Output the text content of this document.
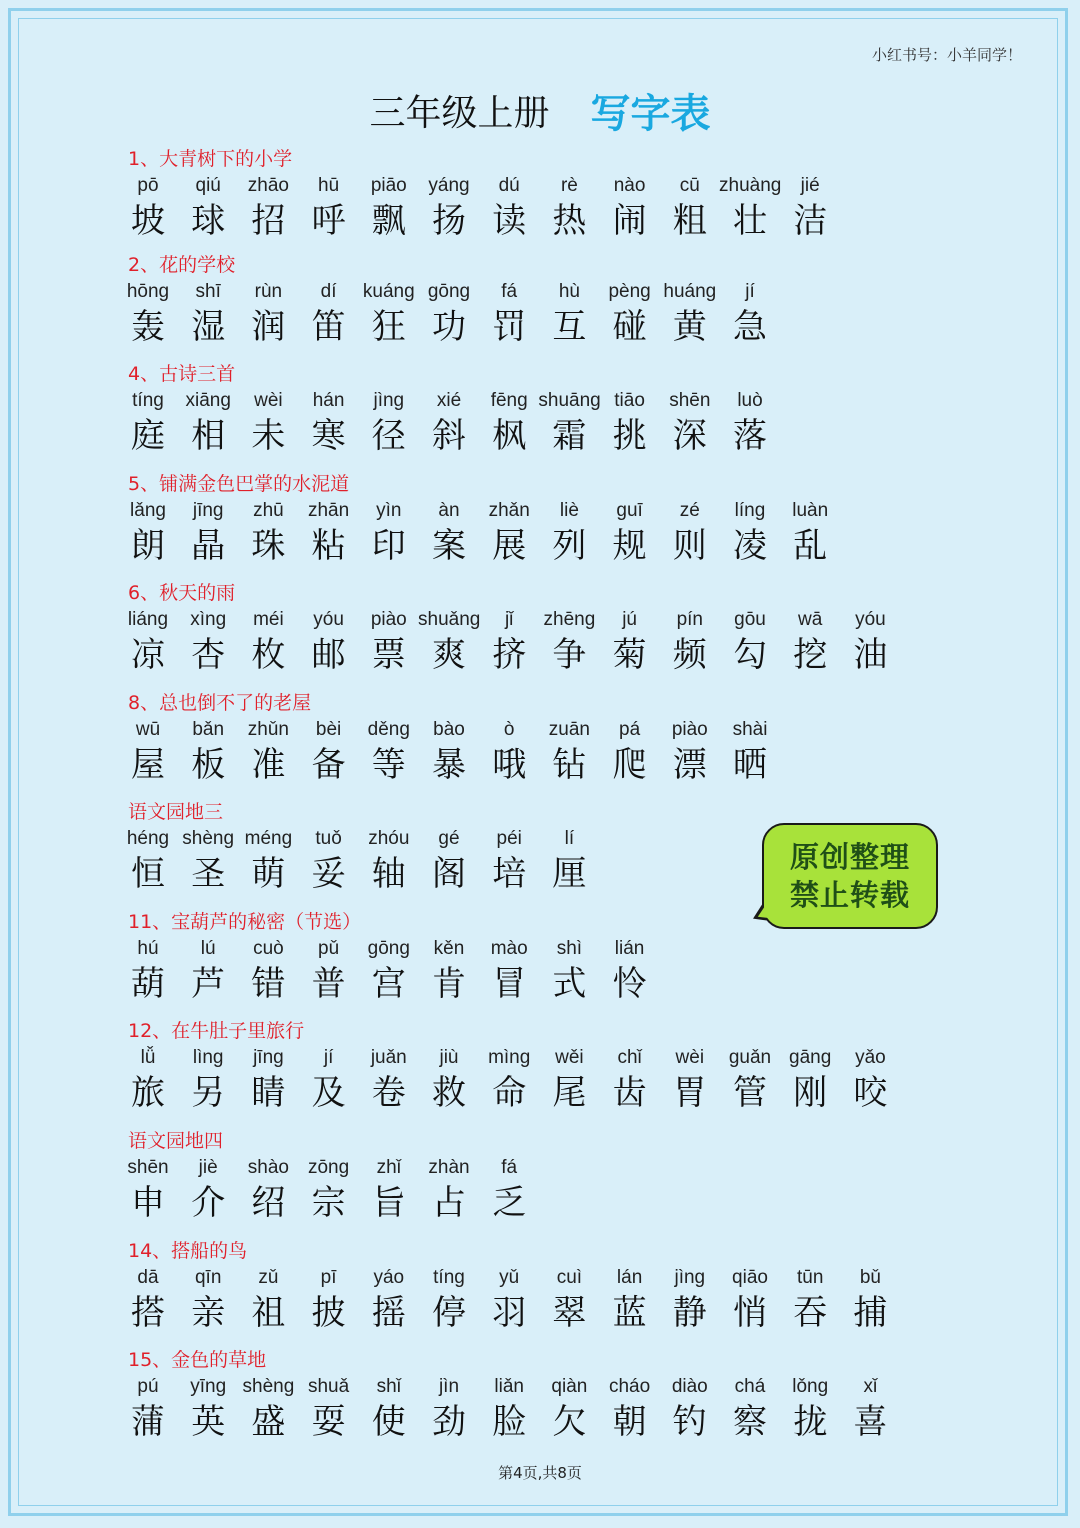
小红书号：小羊同学！
三年级上册 写字表
1、大青树下的小学
pō
坡
qiú
球
zhāo
招
hū
呼
piāo
飘
yáng
扬
dú
读
rè
热
nào
闹
cū
粗
zhuàng
壮
jié
洁
2、花的学校
hōng
轰
shī
湿
rùn
润
dí
笛
kuáng
狂
gōng
功
fá
罚
hù
互
pèng
碰
huáng
黄
jí
急
4、古诗三首
tíng
庭
xiāng
相
wèi
未
hán
寒
jìng
径
xié
斜
fēng
枫
shuāng
霜
tiāo
挑
shēn
深
luò
落
5、铺满金色巴掌的水泥道
lǎng
朗
jīng
晶
zhū
珠
zhān
粘
yìn
印
àn
案
zhǎn
展
liè
列
guī
规
zé
则
líng
凌
luàn
乱
6、秋天的雨
liáng
凉
xìng
杏
méi
枚
yóu
邮
piào
票
shuǎng
爽
jǐ
挤
zhēng
争
jú
菊
pín
频
gōu
勾
wā
挖
yóu
油
8、总也倒不了的老屋
wū
屋
bǎn
板
zhǔn
准
bèi
备
děng
等
bào
暴
ò
哦
zuān
钻
pá
爬
piào
漂
shài
晒
语文园地三
héng
恒
shèng
圣
méng
萌
tuǒ
妥
zhóu
轴
gé
阁
péi
培
lí
厘
11、宝葫芦的秘密（节选）
hú
葫
lú
芦
cuò
错
pǔ
普
gōng
宫
kěn
肯
mào
冒
shì
式
lián
怜
12、在牛肚子里旅行
lǚ
旅
lìng
另
jīng
睛
jí
及
juǎn
卷
jiù
救
mìng
命
wěi
尾
chǐ
齿
wèi
胃
guǎn
管
gāng
刚
yǎo
咬
语文园地四
shēn
申
jiè
介
shào
绍
zōng
宗
zhǐ
旨
zhàn
占
fá
乏
14、搭船的鸟
dā
搭
qīn
亲
zǔ
祖
pī
披
yáo
摇
tíng
停
yǔ
羽
cuì
翠
lán
蓝
jìng
静
qiāo
悄
tūn
吞
bǔ
捕
15、金色的草地
pú
蒲
yīng
英
shèng
盛
shuǎ
耍
shǐ
使
jìn
劲
liǎn
脸
qiàn
欠
cháo
朝
diào
钓
chá
察
lǒng
拢
xǐ
喜
原创整理
禁止转载
第4页,共8页
